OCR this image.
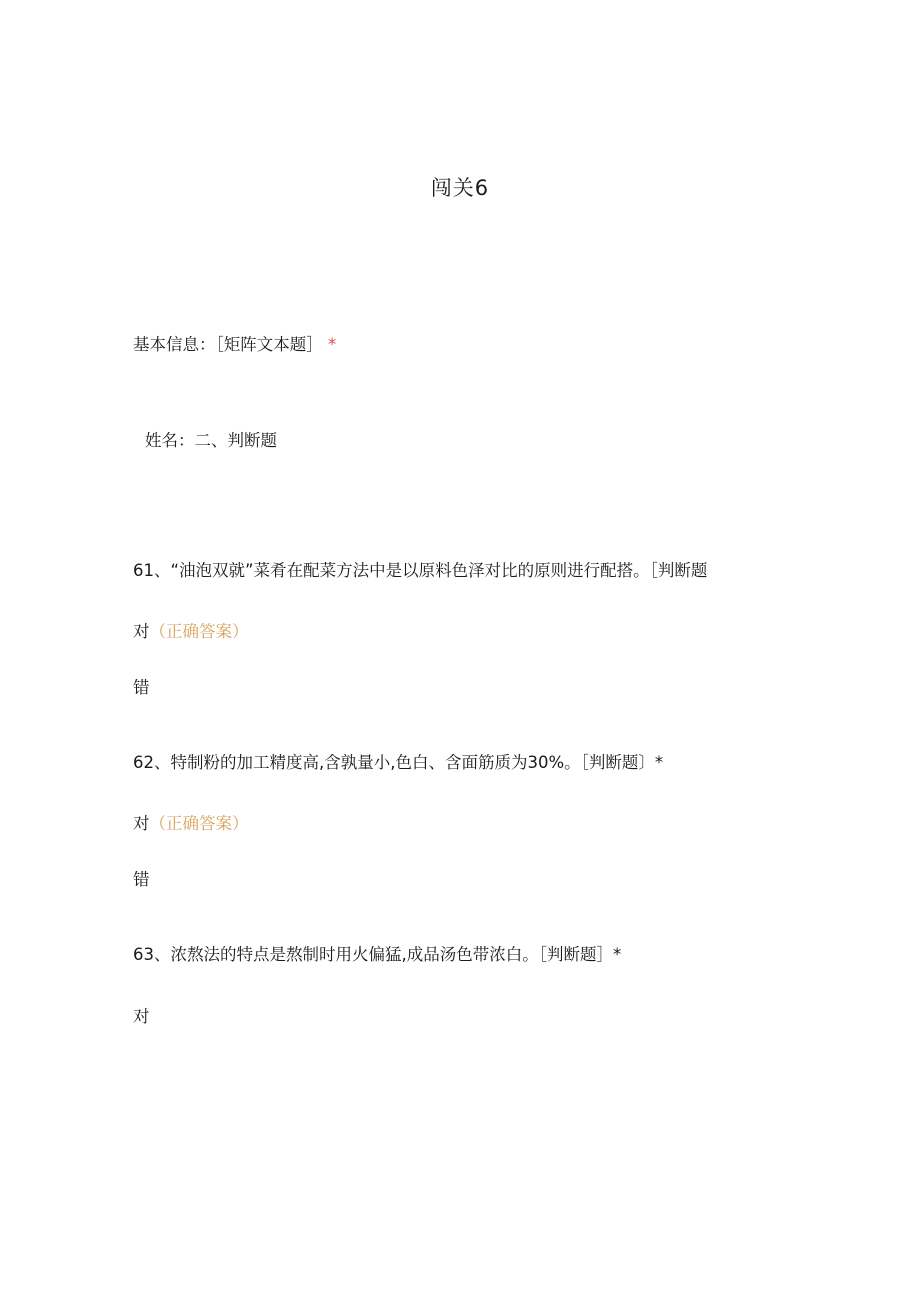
闯关6
基本信息：［矩阵文本题］ *
姓名：二、判断题
61、“油泡双就”菜肴在配菜方法中是以原料色泽对比的原则进行配搭。［判断题
对（正确答案）
错
62、特制粉的加工精度高,含孰量小,色白、含面筋质为30%。［判断题〕*
对（正确答案）
错
63、浓熬法的特点是熬制时用火偏猛,成品汤色带浓白。［判断题］*
对
